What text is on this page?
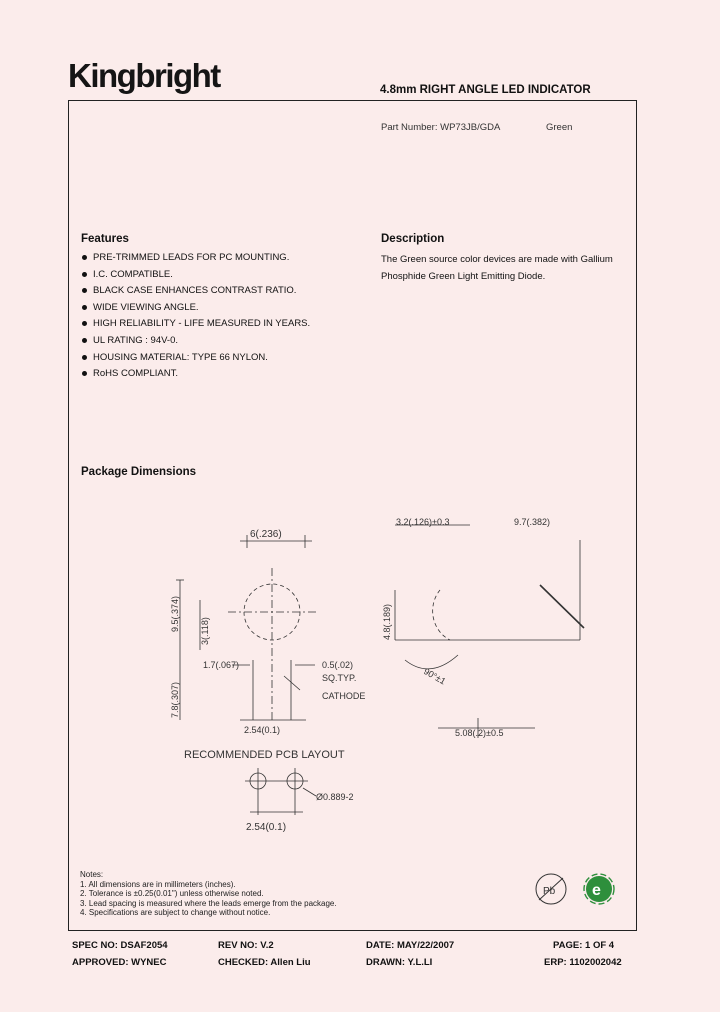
Kingbright	4.8mm RIGHT ANGLE LED INDICATOR
Part Number: WP73JB/GDA	Green
Features
PRE-TRIMMED LEADS FOR PC MOUNTING.
I.C. COMPATIBLE.
BLACK CASE ENHANCES CONTRAST RATIO.
WIDE VIEWING ANGLE.
HIGH RELIABILITY - LIFE MEASURED IN YEARS.
UL RATING : 94V-0.
HOUSING MATERIAL: TYPE 66 NYLON.
RoHS COMPLIANT.
Description
The Green source color devices are made with Gallium
Phosphide Green Light Emitting Diode.
Package Dimensions
6(.236)
9.5(.374) 3(.118)
7.8(.307)
1.7(.067)	0.5(.02)
SQ.TYP.
CATHODE
2.54(0.1)
3.2(.126)±0.3	9.7(.382)
4.8(.189)
90°±1
5.08(.2)±0.5
RECOMMENDED PCB LAYOUT
Ø0.889-2
2.54(0.1)
Pb e
Notes:
1. All dimensions are in millimeters (inches).
2. Tolerance is ±0.25(0.01") unless otherwise noted.
3. Lead spacing is measured where the leads emerge from the package.
4. Specifications are subject to change without notice.
SPEC NO: DSAF2054	REV NO: V.2	DATE: MAY/22/2007	PAGE: 1 OF 4
APPROVED: WYNEC	CHECKED: Allen Liu	DRAWN: Y.L.LI	ERP: 1102002042
